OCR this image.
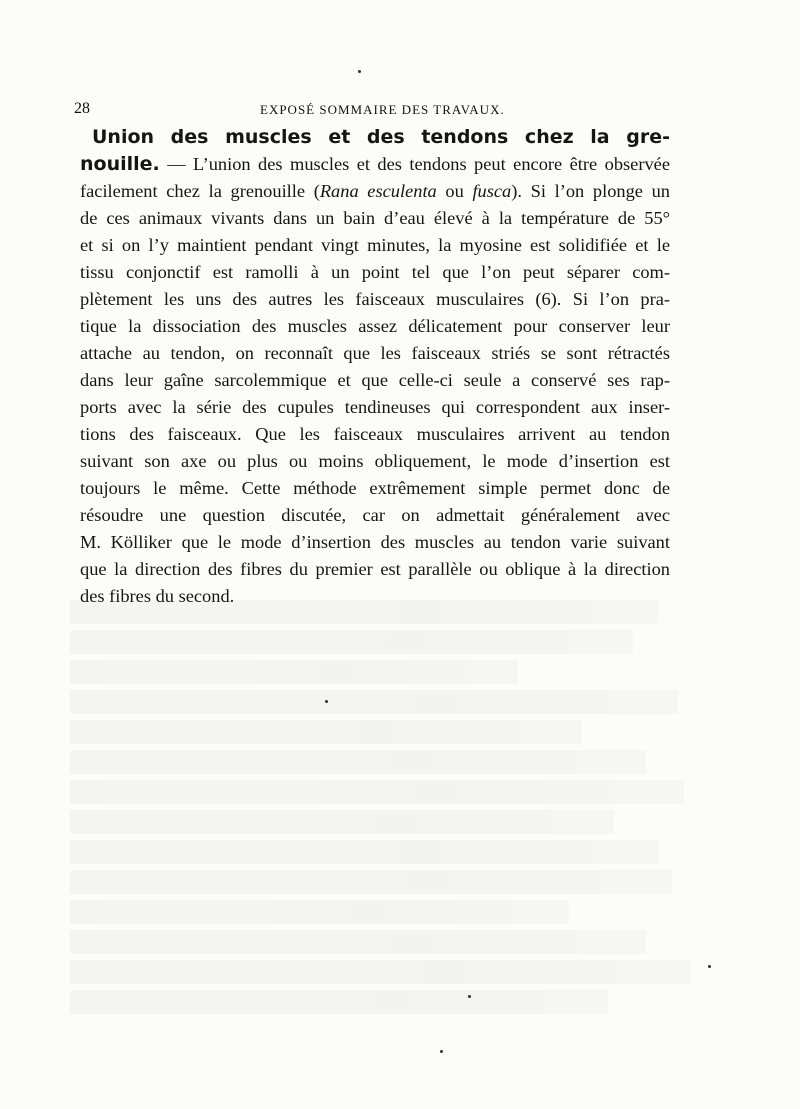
28	EXPOSÉ SOMMAIRE DES TRAVAUX.
Union des muscles et des tendons chez la gre-
nouille. — L’union des muscles et des tendons peut encore être observée
facilement chez la grenouille (Rana esculenta ou fusca). Si l’on plonge un
de ces animaux vivants dans un bain d’eau élevé à la température de 55°
et si on l’y maintient pendant vingt minutes, la myosine est solidifiée et le
tissu conjonctif est ramolli à un point tel que l’on peut séparer com-
plètement les uns des autres les faisceaux musculaires (6). Si l’on pra-
tique la dissociation des muscles assez délicatement pour conserver leur
attache au tendon, on reconnaît que les faisceaux striés se sont rétractés
dans leur gaîne sarcolemmique et que celle-ci seule a conservé ses rap-
ports avec la série des cupules tendineuses qui correspondent aux inser-
tions des faisceaux. Que les faisceaux musculaires arrivent au tendon
suivant son axe ou plus ou moins obliquement, le mode d’insertion est
toujours le même. Cette méthode extrêmement simple permet donc de
résoudre une question discutée, car on admettait généralement avec
M. Kölliker que le mode d’insertion des muscles au tendon varie suivant
que la direction des fibres du premier est parallèle ou oblique à la direction
des fibres du second.
